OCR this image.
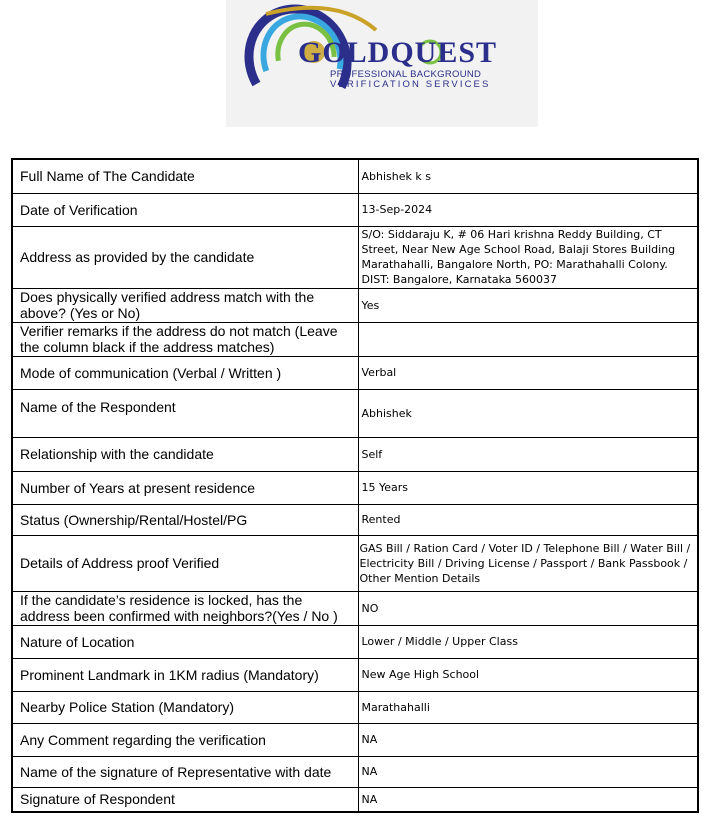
GOLDQUEST
PROFESSIONAL BACKGROUND
VERIFICATION SERVICES
Full Name of The Candidate	Abhishek k s
Date of Verification	13-Sep-2024
Address as provided by the candidate	S/O: Siddaraju K, # 06 Hari krishna Reddy Building, CT Street, Near New Age School Road, Balaji Stores Building Marathahalli, Bangalore North, PO: Marathahalli Colony. DIST: Bangalore, Karnataka 560037
Does physically verified address match with the above? (Yes or No)	Yes
Verifier remarks if the address do not match (Leave the column black if the address matches)	
Mode of communication (Verbal / Written )	Verbal
Name of the Respondent	Abhishek
Relationship with the candidate	Self
Number of Years at present residence	15 Years
Status (Ownership/Rental/Hostel/PG	Rented
Details of Address proof Verified	GAS Bill / Ration Card / Voter ID / Telephone Bill / Water Bill / Electricity Bill / Driving License / Passport / Bank Passbook / Other Mention Details
If the candidate’s residence is locked, has the address been confirmed with neighbors?(Yes / No )	NO
Nature of Location	Lower / Middle / Upper Class
Prominent Landmark in 1KM radius (Mandatory)	New Age High School
Nearby Police Station (Mandatory)	Marathahalli
Any Comment regarding the verification	NA
Name of the signature of Representative with date	NA
Signature of Respondent	NA
